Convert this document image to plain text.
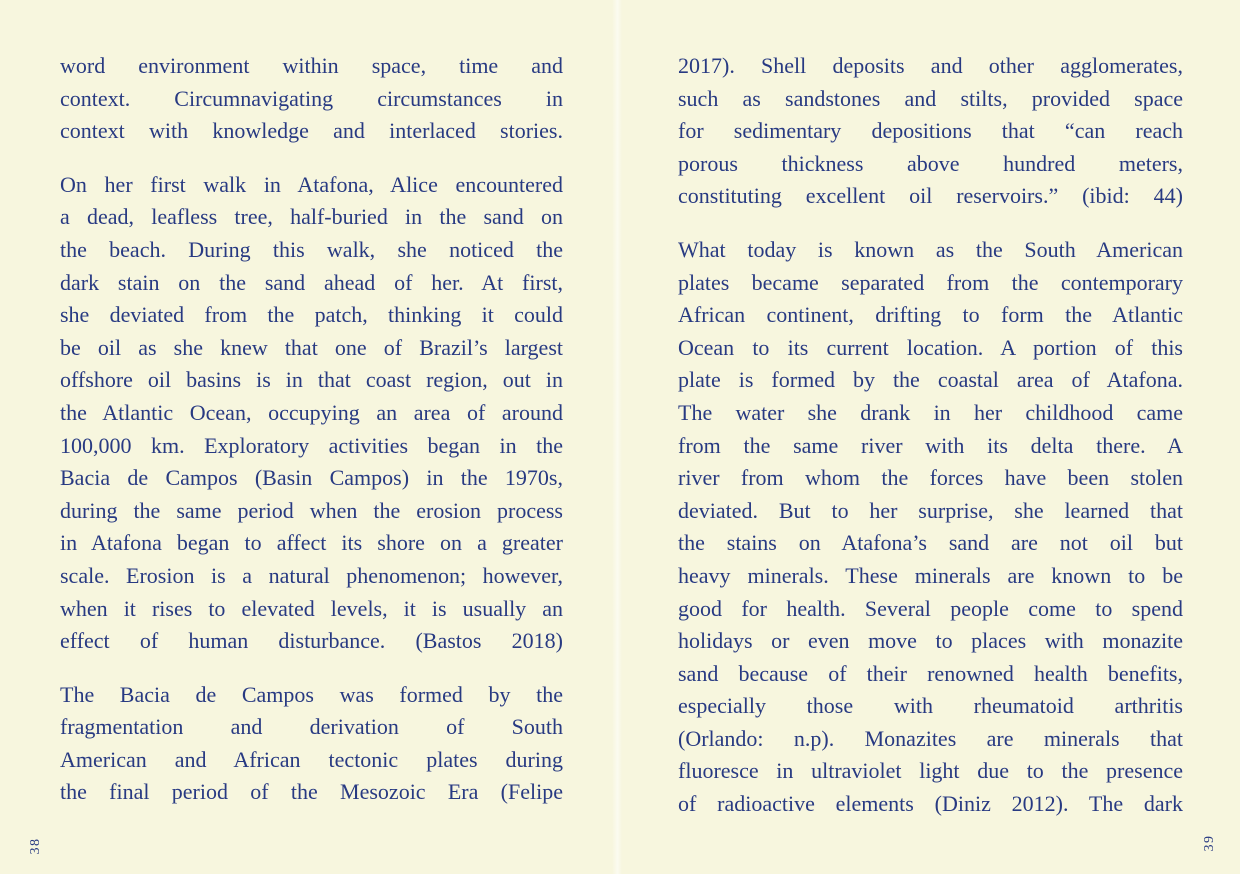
word environment within space, time and
context. Circumnavigating circumstances in
context with knowledge and interlaced stories.
On her first walk in Atafona, Alice encountered
a dead, leafless tree, half-buried in the sand on
the beach. During this walk, she noticed the
dark stain on the sand ahead of her. At first,
she deviated from the patch, thinking it could
be oil as she knew that one of Brazil’s largest
offshore oil basins is in that coast region, out in
the Atlantic Ocean, occupying an area of around
100,000 km. Exploratory activities began in the
Bacia de Campos (Basin Campos) in the 1970s,
during the same period when the erosion process
in Atafona began to affect its shore on a greater
scale. Erosion is a natural phenomenon; however,
when it rises to elevated levels, it is usually an
effect of human disturbance. (Bastos 2018)
The Bacia de Campos was formed by the
fragmentation and derivation of South
American and African tectonic plates during
the final period of the Mesozoic Era (Felipe
38
2017). Shell deposits and other agglomerates,
such as sandstones and stilts, provided space
for sedimentary depositions that “can reach
porous thickness above hundred meters,
constituting excellent oil reservoirs.” (ibid: 44)
What today is known as the South American
plates became separated from the contemporary
African continent, drifting to form the Atlantic
Ocean to its current location. A portion of this
plate is formed by the coastal area of Atafona.
The water she drank in her childhood came
from the same river with its delta there. A
river from whom the forces have been stolen
deviated. But to her surprise, she learned that
the stains on Atafona’s sand are not oil but
heavy minerals. These minerals are known to be
good for health. Several people come to spend
holidays or even move to places with monazite
sand because of their renowned health benefits,
especially those with rheumatoid arthritis
(Orlando: n.p). Monazites are minerals that
fluoresce in ultraviolet light due to the presence
of radioactive elements (Diniz 2012). The dark
39
